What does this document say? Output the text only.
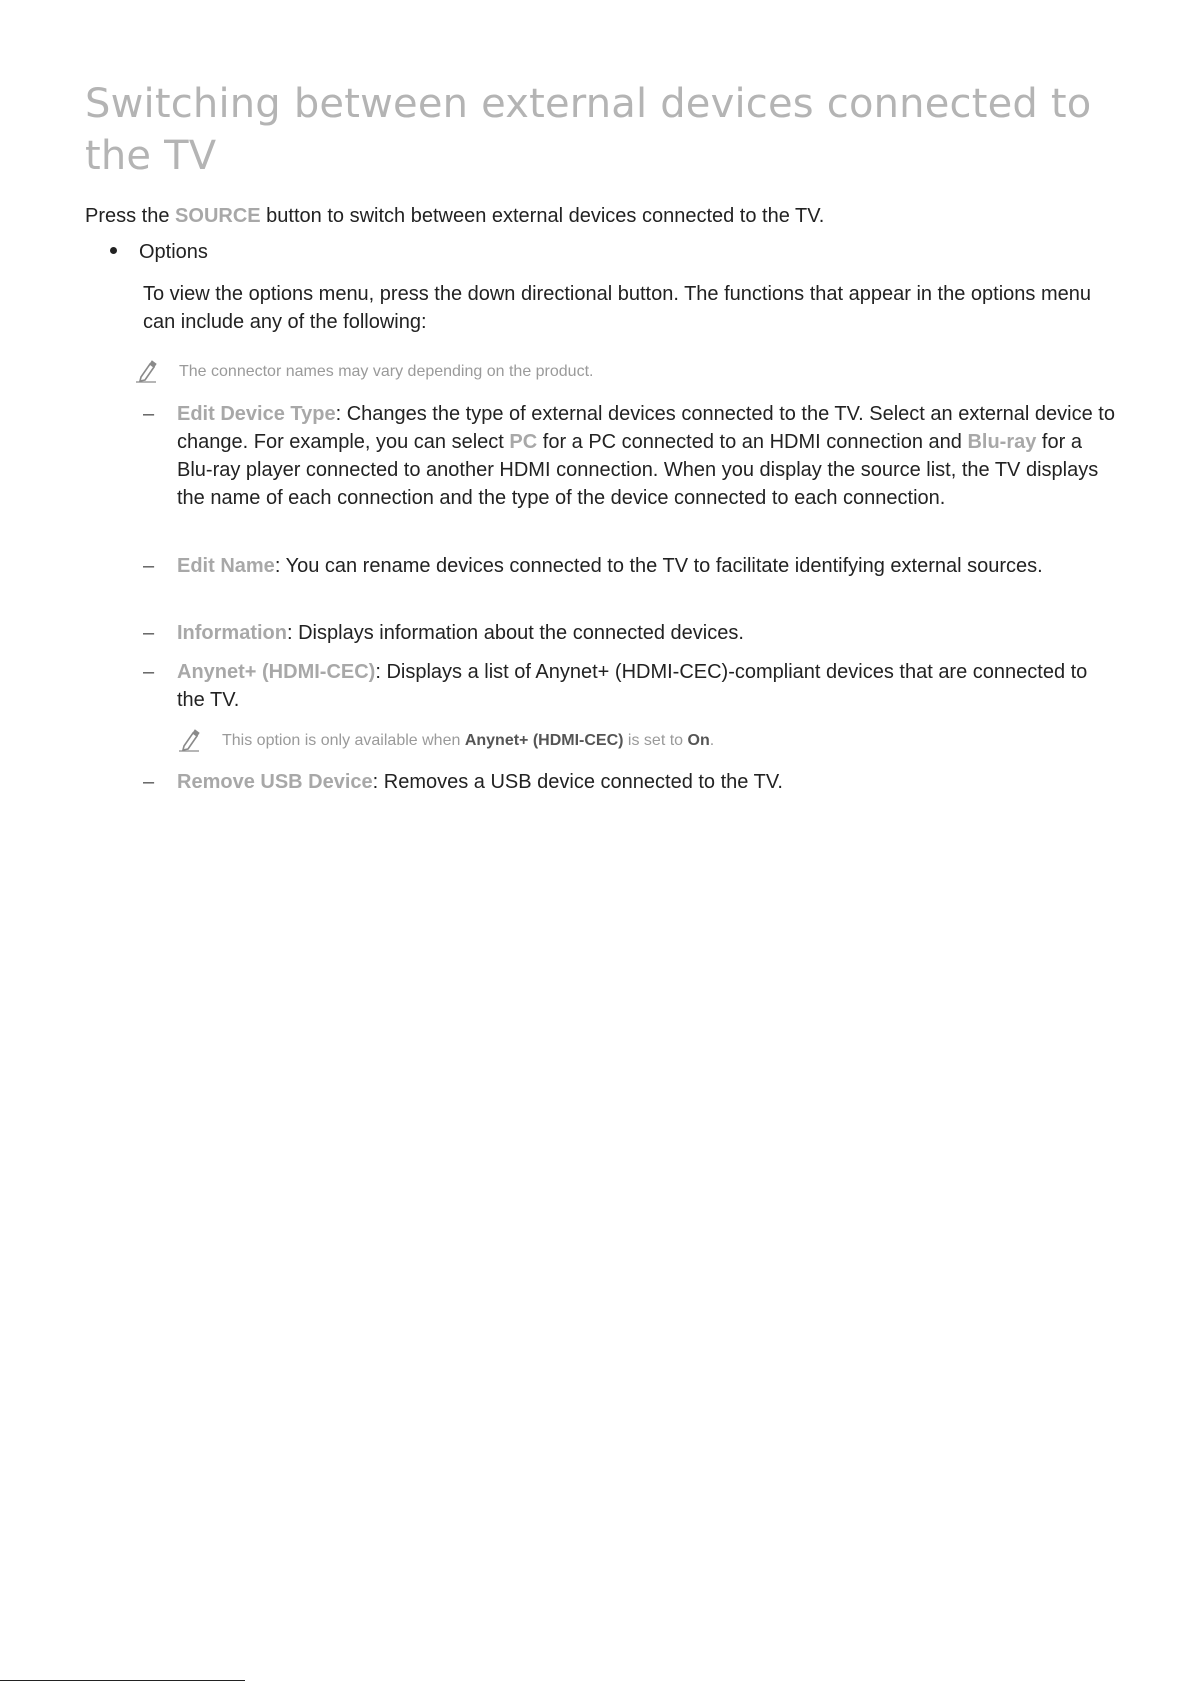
Switching between external devices connected to the TV

Press the SOURCE button to switch between external devices connected to the TV.

Options

To view the options menu, press the down directional button. The functions that appear in the options menu can include any of the following:

The connector names may vary depending on the product.
– Edit Device Type: Changes the type of external devices connected to the TV. Select an external device to change. For example, you can select PC for a PC connected to an HDMI connection and Blu-ray for a Blu-ray player connected to another HDMI connection. When you display the source list, the TV displays the name of each connection and the type of the device connected to each connection.
– Edit Name: You can rename devices connected to the TV to facilitate identifying external sources.
– Information: Displays information about the connected devices.
– Anynet+ (HDMI-CEC): Displays a list of Anynet+ (HDMI-CEC)-compliant devices that are connected to the TV.
This option is only available when Anynet+ (HDMI-CEC) is set to On.
– Remove USB Device: Removes a USB device connected to the TV.
